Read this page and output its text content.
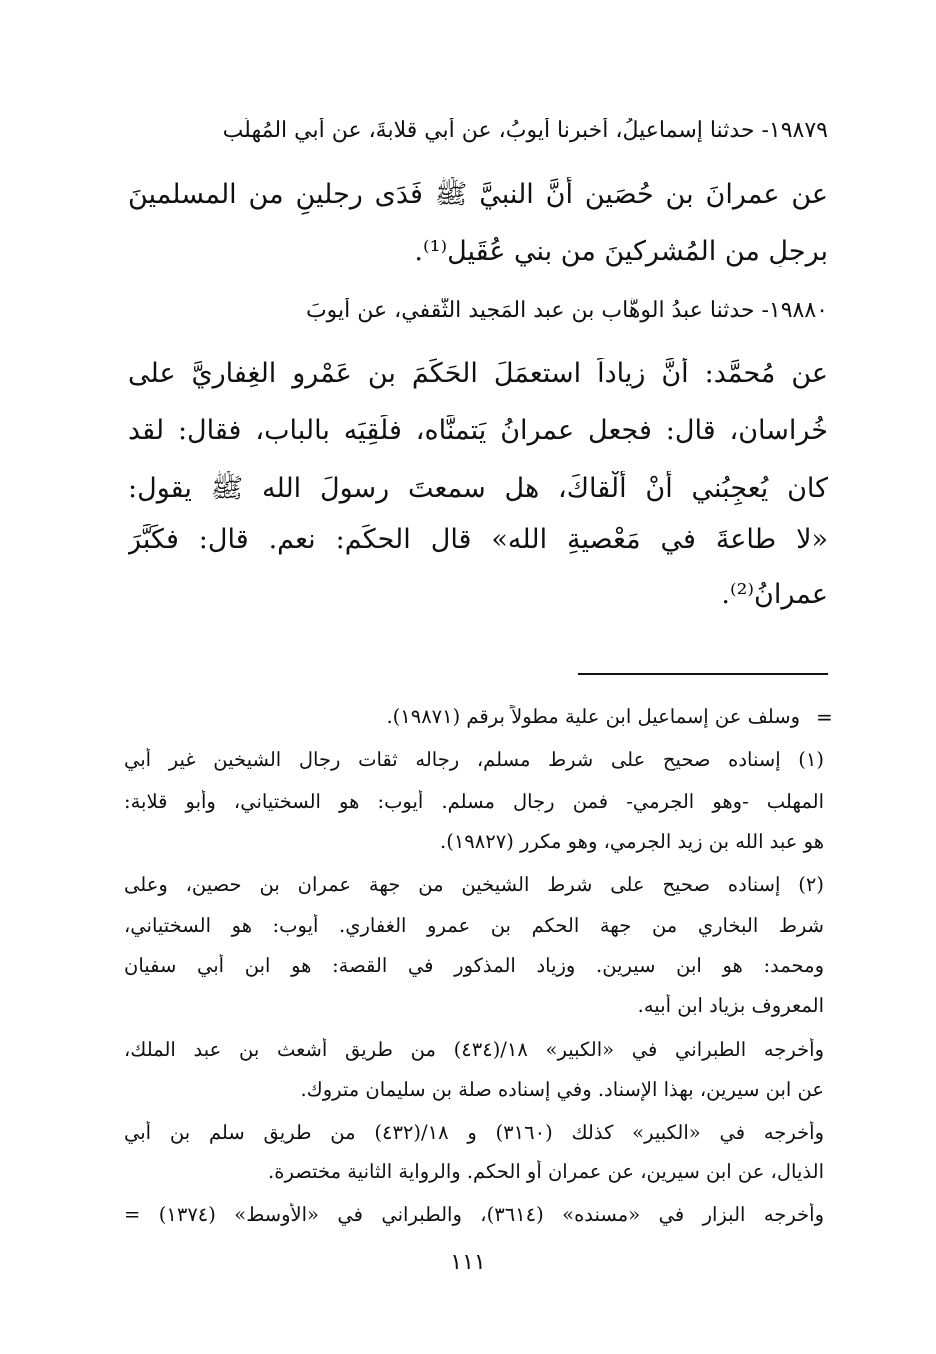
١٩٨٧٩- حدثنا إسماعيلُ، أخبرنا أيوبُ، عن أبي قلابةَ، عن أبي المُهلَّب
عن عمرانَ بن حُصَين أنَّ النبيَّ ﷺ فَدَى رجلينِ من المسلمينَ
برجلٍ من المُشركينَ من بني عُقَيل⁽¹⁾.
١٩٨٨٠- حدثنا عبدُ الوهَّاب بن عبد المَجيد الثَّقفي، عن أيوبَ
عن مُحمَّد: أنَّ زياداً استعمَلَ الحَكَمَ بن عَمْرو الغِفاريَّ على
خُراسان، قال: فجعل عمرانُ يَتمنَّاه، فلَقِيَه بالباب، فقال: لقد
كان يُعجِبُني أنْ ألْقاكَ، هل سمعتَ رسولَ الله ﷺ يقول:
«لا طاعةَ في مَعْصيةِ الله» قال الحكَم: نعم. قال: فكَبَّرَ
عمرانُ⁽²⁾.
=
وسلف عن إسماعيل ابن علية مطولاً برقم (١٩٨٧١).
(١) إسناده صحيح على شرط مسلم، رجاله ثقات رجال الشيخين غير أبي
المهلب -وهو الجرمي- فمن رجال مسلم. أيوب: هو السختياني، وأبو قلابة:
هو عبد الله بن زيد الجرمي، وهو مكرر (١٩٨٢٧).
(٢) إسناده صحيح على شرط الشيخين من جهة عمران بن حصين، وعلى
شرط البخاري من جهة الحكم بن عمرو الغفاري. أيوب: هو السختياني،
ومحمد: هو ابن سيرين. وزياد المذكور في القصة: هو ابن أبي سفيان
المعروف بزياد ابن أبيه.
وأخرجه الطبراني في «الكبير» ١٨/(٤٣٤) من طريق أشعث بن عبد الملك،
عن ابن سيرين، بهذا الإسناد. وفي إسناده صلة بن سليمان متروك.
وأخرجه في «الكبير» كذلك (٣١٦٠) و ١٨/(٤٣٢) من طريق سلم بن أبي
الذيال، عن ابن سيرين، عن عمران أو الحكم. والرواية الثانية مختصرة.
وأخرجه البزار في «مسنده» (٣٦١٤)، والطبراني في «الأوسط» (١٣٧٤) =
١١١
